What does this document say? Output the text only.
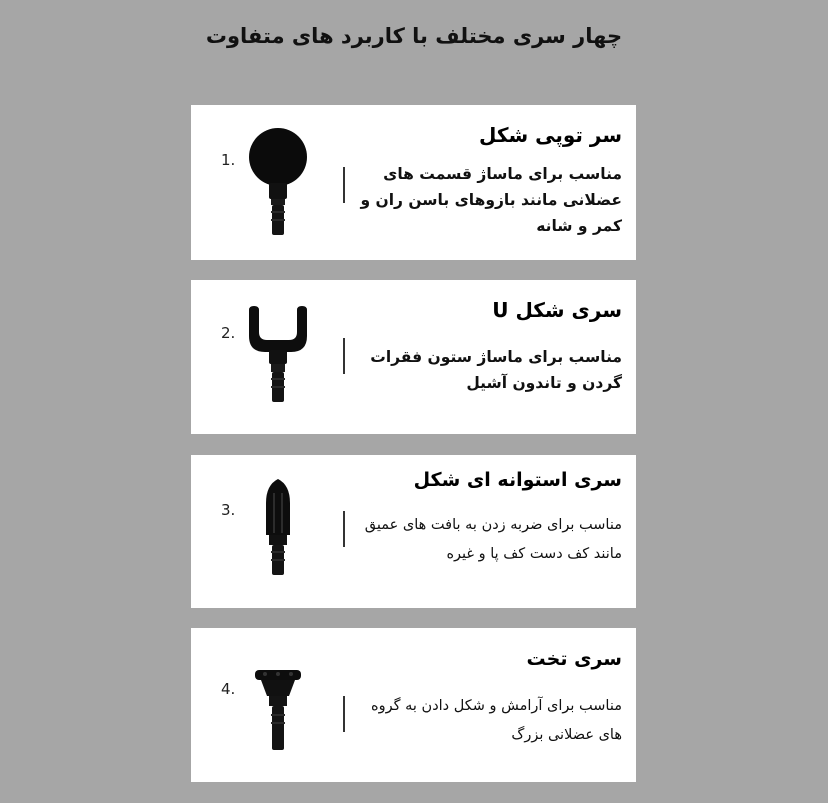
چهار سری مختلف با کاربرد های متفاوت
1.
سر توپی شکل
مناسب برای ماساژ قسمت های
عضلانی مانند بازوهای باسن ران و
کمر و شانه
2.
سری شکل U
مناسب برای ماساژ ستون فقرات
گردن و تاندون آشیل
3.
سری استوانه ای شکل
مناسب برای ضربه زدن به بافت های عمیق
مانند کف دست کف پا و غیره
4.
سری تخت
مناسب برای آرامش و شکل دادن به گروه
های عضلانی بزرگ
